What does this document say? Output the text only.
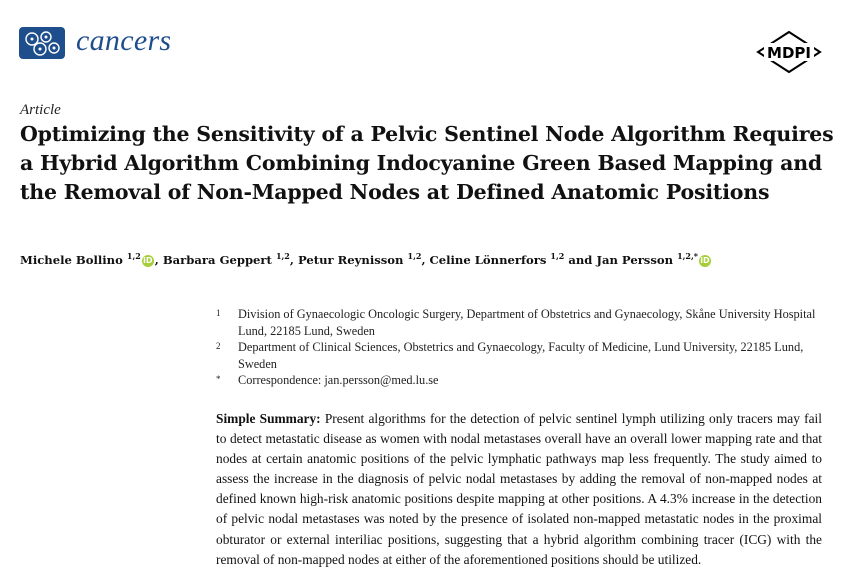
cancers	MDPI
Article
Optimizing the Sensitivity of a Pelvic Sentinel Node Algorithm Requires a Hybrid Algorithm Combining Indocyanine Green Based Mapping and the Removal of Non-Mapped Nodes at Defined Anatomic Positions
Michele Bollino $^{1,2}$ iD , Barbara Geppert $^{1,2}$, Petur Reynisson $^{1,2}$, Celine Lönnerfors $^{1,2}$ and Jan Persson $^{1,2,*}$ iD
1	Division of Gynaecologic Oncologic Surgery, Department of Obstetrics and Gynaecology, Skåne University Hospital Lund, 22185 Lund, Sweden
2	Department of Clinical Sciences, Obstetrics and Gynaecology, Faculty of Medicine, Lund University, 22185 Lund, Sweden
*	Correspondence: jan.persson@med.lu.se

Simple Summary: Present algorithms for the detection of pelvic sentinel lymph utilizing only tracers may fail to detect metastatic disease as women with nodal metastases overall have an overall lower mapping rate and that nodes at certain anatomic positions of the pelvic lymphatic pathways map less frequently. The study aimed to assess the increase in the diagnosis of pelvic nodal metastases by adding the removal of non-mapped nodes at defined known high-risk anatomic positions despite mapping at other positions. A 4.3% increase in the detection of pelvic nodal metastases was noted by the presence of isolated non-mapped metastatic nodes in the proximal obturator or external interiliac positions, suggesting that a hybrid algorithm combining tracer (ICG) with the removal of non-mapped nodes at either of the aforementioned positions should be utilized.
